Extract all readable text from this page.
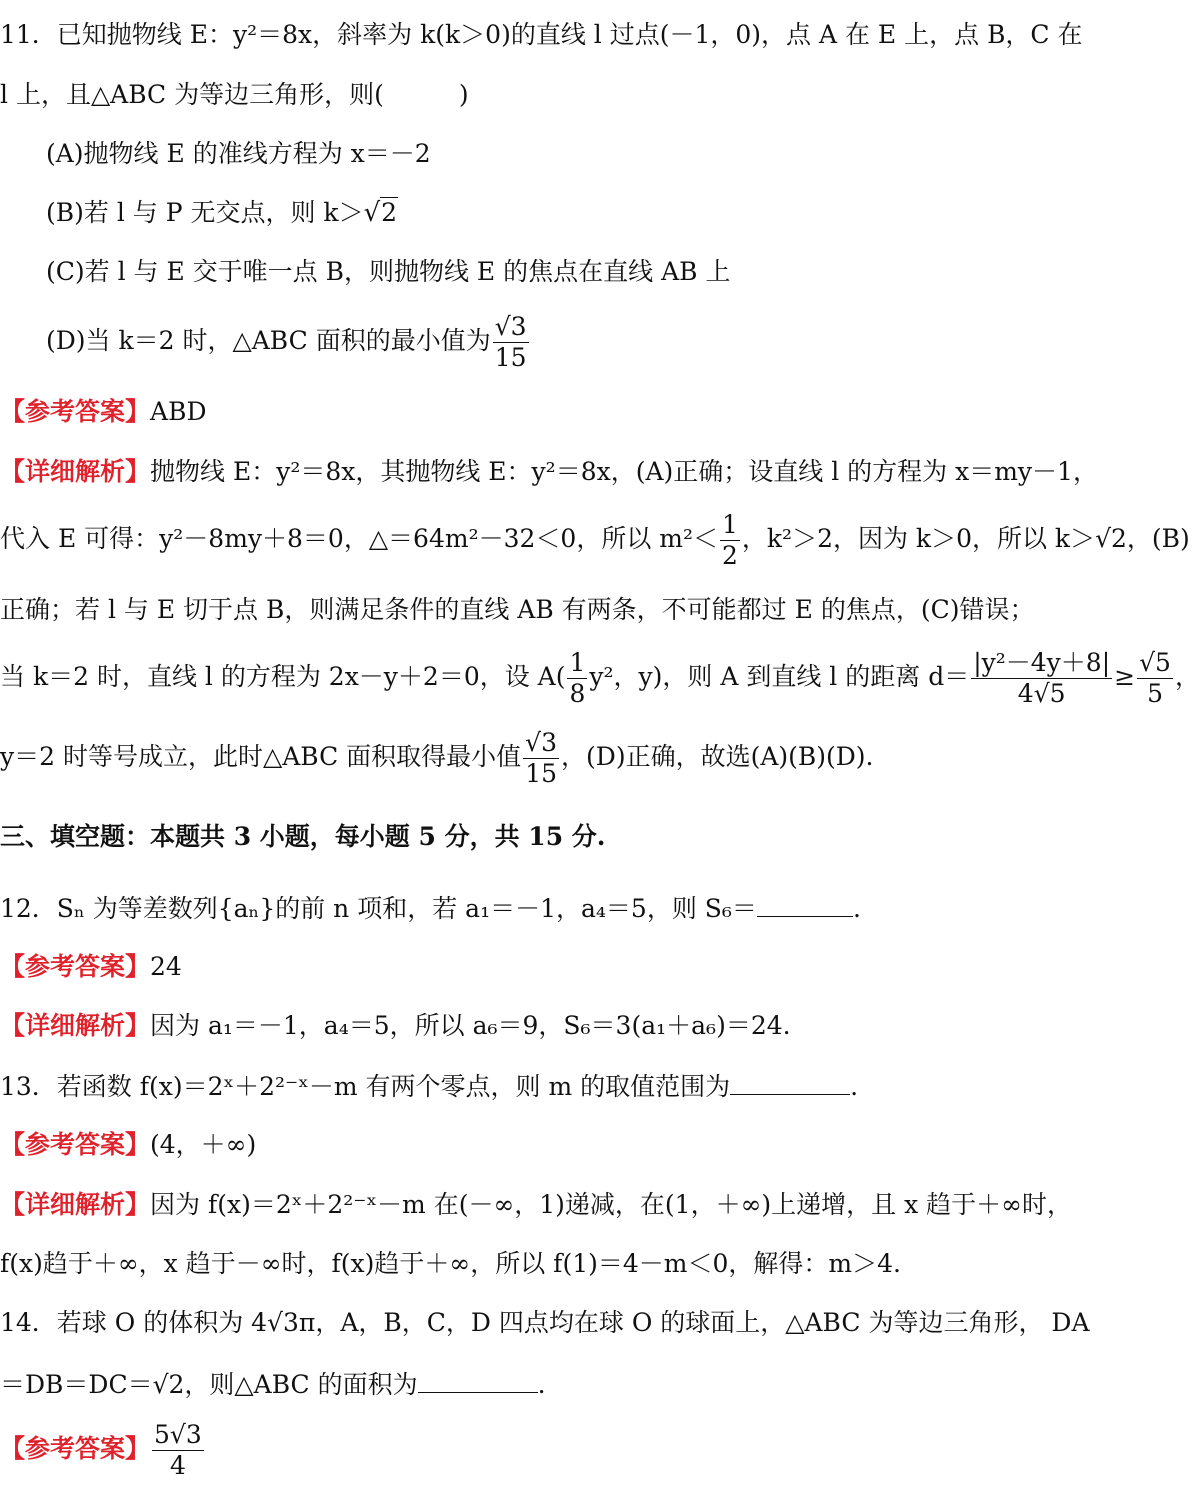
11．已知抛物线 E：y²＝8x，斜率为 k(k＞0)的直线 l 过点(－1，0)，点 A 在 E 上，点 B，C 在
l 上，且△ABC 为等边三角形，则(　　　)
(A)抛物线 E 的准线方程为 x＝－2
(B)若 l 与 P 无交点，则 k＞√2
(C)若 l 与 E 交于唯一点 B，则抛物线 E 的焦点在直线 AB 上
(D)当 k＝2 时，△ABC 面积的最小值为 $\frac{√3}{15}$
【参考答案】ABD
【详细解析】抛物线 E：y²＝8x，其抛物线 E：y²＝8x，(A)正确；设直线 l 的方程为 x＝my－1，
代入 E 可得：y²－8my＋8＝0，△＝64m²－32＜0，所以 $m^2< \frac{1}{2}$ ，k²＞2，因为 k＞0，所以 k＞√2，(B)
正确；若 l 与 E 切于点 B，则满足条件的直线 AB 有两条，不可能都过 E 的焦点，(C)错误；
当 k＝2 时，直线 l 的方程为 2x－y＋2＝0，设 $A( \frac{1}{8} y^2$，y)，则 A 到直线 l 的距离 $d= \frac{\text{|y²－4y＋8|}}{4√5} \ge \frac{√5}{5}$ ，
y＝2 时等号成立，此时△ABC 面积取得最小值 $\frac{√3}{15}$ ，(D)正确，故选(A)(B)(D).
三、填空题：本题共 3 小题，每小题 5 分，共 15 分.
12．Sₙ 为等差数列{aₙ}的前 n 项和，若 a₁＝－1，a₄＝5，则 S₆＝	.
【参考答案】24
【详细解析】因为 a₁＝－1，a₄＝5，所以 a₆＝9，S₆＝3(a₁＋a₆)＝24.
13．若函数 f(x)＝2ˣ＋2²⁻ˣ－m 有两个零点，则 m 的取值范围为	.
【参考答案】(4，＋∞)
【详细解析】因为 f(x)＝2ˣ＋2²⁻ˣ－m 在(－∞，1)递减，在(1，＋∞)上递增，且 x 趋于＋∞时，
f(x)趋于＋∞，x 趋于－∞时，f(x)趋于＋∞，所以 f(1)＝4－m＜0，解得：m＞4.
14．若球 O 的体积为 4√3π，A，B，C，D 四点均在球 O 的球面上，△ABC 为等边三角形， DA
＝DB＝DC＝√2，则△ABC 的面积为	.
【参考答案】 $\frac{5√3}{4}$
